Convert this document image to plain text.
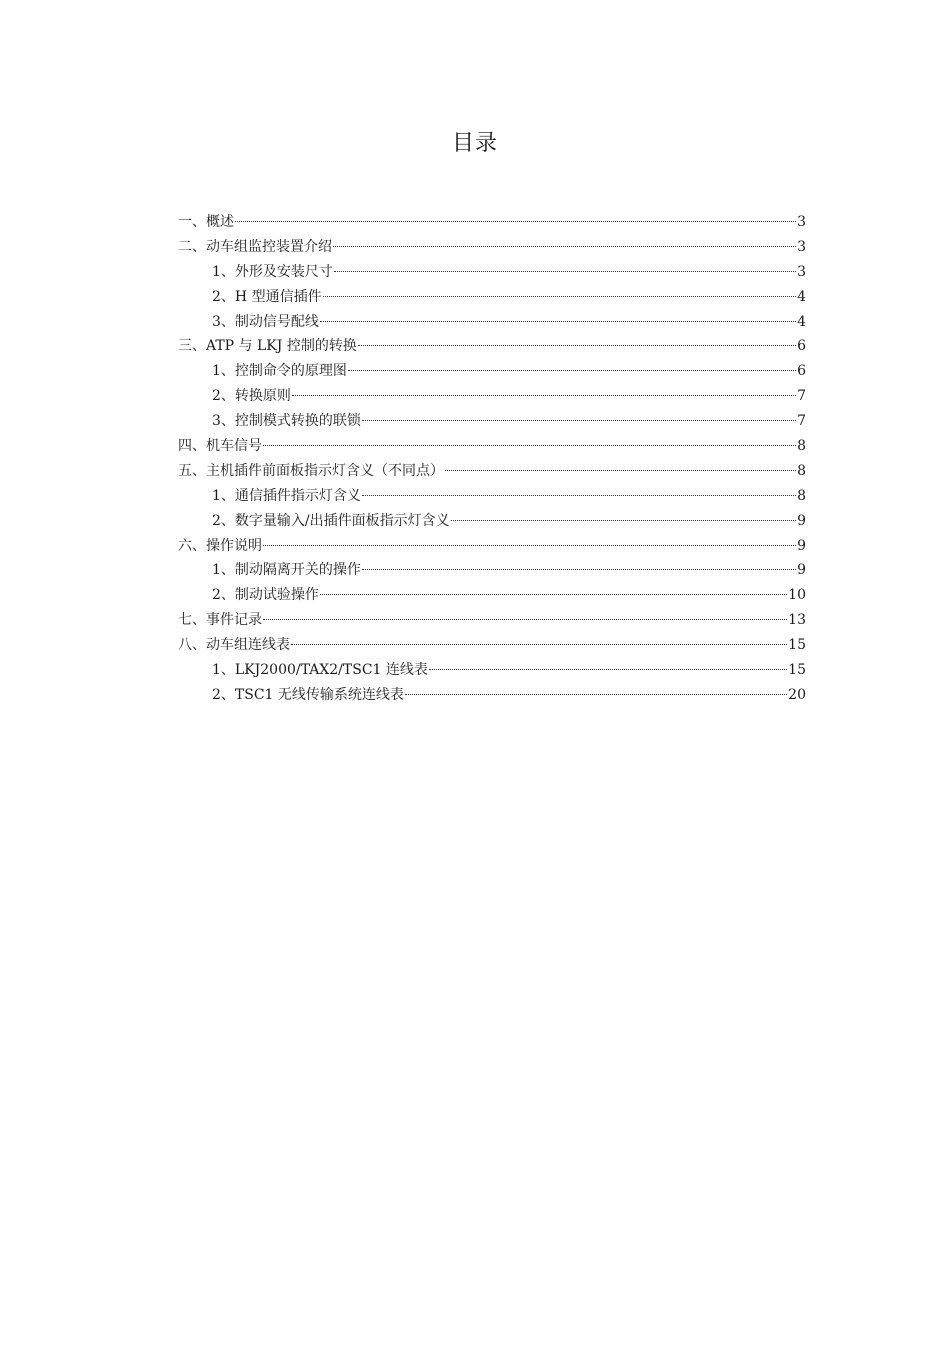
目录
一、概述	3
二、动车组监控装置介绍	3
1、外形及安装尺寸	3
2、H 型通信插件	4
3、制动信号配线	4
三、ATP 与 LKJ 控制的转换	6
1、控制命令的原理图	6
2、转换原则	7
3、控制模式转换的联锁	7
四、机车信号	8
五、主机插件前面板指示灯含义（不同点）	8
1、通信插件指示灯含义	8
2、数字量输入/出插件面板指示灯含义	9
六、操作说明	9
1、制动隔离开关的操作	9
2、制动试验操作	10
七、事件记录	13
八、动车组连线表	15
1、LKJ2000/TAX2/TSC1 连线表	15
2、TSC1 无线传输系统连线表	20
